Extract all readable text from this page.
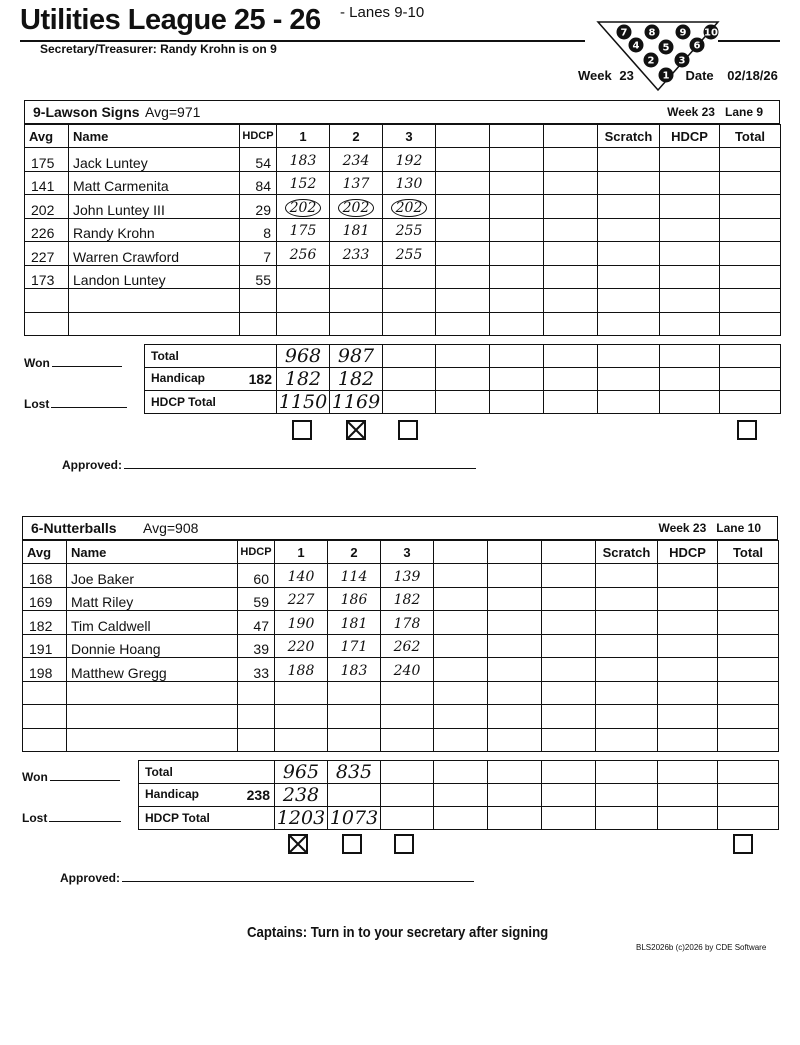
Utilities League 25 - 26 - Lanes 9-10
Secretary/Treasurer: Randy Krohn is on 9
7 8 9 10
4 5 6
2 3
1
Week 23	Date 02/18/26
9-Lawson Signs Avg=971	Week 23 Lane 9
Avg	Name	HDCP	1	2	3				Scratch	HDCP	Total
175	Jack Luntey	54	183	234	192						
141	Matt Carmenita	84	152	137	130						
202	John Luntey III	29	202	202	202						
226	Randy Krohn	8	175	181	255						
227	Warren Crawford	7	256	233	255						
173	Landon Luntey	55									

Total		968	987							
Handicap 182		182	182							
HDCP Total		1150	1169							
Won
Lost
Approved:
6-Nutterballs Avg=908	Week 23 Lane 10
Avg	Name	HDCP	1	2	3				Scratch	HDCP	Total
168	Joe Baker	60	140	114	139						
169	Matt Riley	59	227	186	182						
182	Tim Caldwell	47	190	181	178						
191	Donnie Hoang	39	220	171	262						
198	Matthew Gregg	33	188	183	240						

Total		965	835							
Handicap 238		238								
HDCP Total		1203	1073							
Won
Lost
Approved:
Captains: Turn in to your secretary after signing
BLS2026b (c)2026 by CDE Software
